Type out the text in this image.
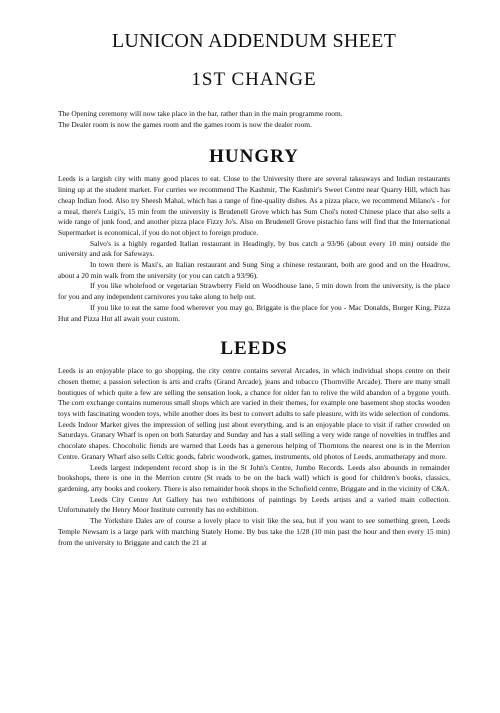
LUNICON ADDENDUM SHEET
1ST CHANGE

The Opening ceremony will now take place in the bar, rather than in the main programme room.

The Dealer room is now the games room and the games room is now the dealer room.

HUNGRY

Leeds is a largish city with many good places to eat. Close to the University there are several takeaways and Indian restaurants lining up at the student market. For curries we recommend The Kashmir, The Kashmir's Sweet Centre near Quarry Hill, which has cheap Indian food. Also try Sheesh Mahal, which has a range of fine-quality dishes. As a pizza place, we recommend Milano's - for a meal, there's Luigi's, 15 min from the university is Brudenell Grove which has Sum Choi's noted Chinese place that also sells a wide range of junk food, and another pizza place Fizzy Jo's. Also on Brudenell Grove pistachio fans will find that the International Supermarket is economical, if you do not object to foreign produce.

Salvo's is a highly regarded Italian restaurant in Headingly, by bus catch a 93/96 (about every 10 min) outside the university and ask for Safeways.

In town there is Maxi's, an Italian restaurant and Sung Sing a chinese restaurant, both are good and on the Headrow, about a 20 min walk from the university (or you can catch a 93/96).

If you like wholefood or vegetarian Strawberry Field on Woodhouse lane, 5 min down from the university, is the place for you and any independent carnivores you take along to help out.

If you like to eat the same food wherever you may go, Briggate is the place for you - Mac Donalds, Burger King, Pizza Hut and Pizza Hut all await your custom.

LEEDS

Leeds is an enjoyable place to go shopping, the city centre contains several Arcades, in which individual shops centre on their chosen theme; a passion selection is arts and crafts (Grand Arcade), jeans and tobacco (Thornville Arcade). There are many small boutiques of which quite a few are selling the sensation look, a chance for older fan to relive the wild abandon of a bygone youth. The corn exchange contains numerous small shops which are varied in their themes, for example one basement shop stocks wooden toys with fascinating wooden toys, while another does its best to convert adults to safe pleasure, with its wide selection of condoms. Leeds Indoor Market gives the impression of selling just about everything, and is an enjoyable place to visit if rather crowded on Saturdays. Granary Wharf is open on both Saturday and Sunday and has a stall selling a very wide range of novelties in truffles and chocolate shapes. Chocoholic fiends are warned that Leeds has a generous helping of Thorntons the nearest one is in the Merrion Centre. Granary Wharf also sells Celtic goods, fabric woodwork, games, instruments, old photos of Leeds, aromatherapy and more.

Leeds largest independent record shop is in the St John's Centre, Jumbo Records. Leeds also abounds in remainder bookshops, there is one in the Merrion centre (St reads to be on the back wall) which is good for children's books, classics, gardening, arty books and cookery. There is also remainder book shops in the Schofield centre, Briggate and in the vicinity of C&A.

Leeds City Centre Art Gallery has two exhibitions of paintings by Leeds artists and a varied main collection. Unfortunately the Henry Moor Institute currently has no exhibition.

The Yorkshire Dales are of course a lovely place to visit like the sea, but if you want to see something green, Leeds Temple Newsam is a large park with matching Stately Home. By bus take the 1/28 (10 min past the hour and then every 15 min) from the university to Briggate and catch the 21 at
